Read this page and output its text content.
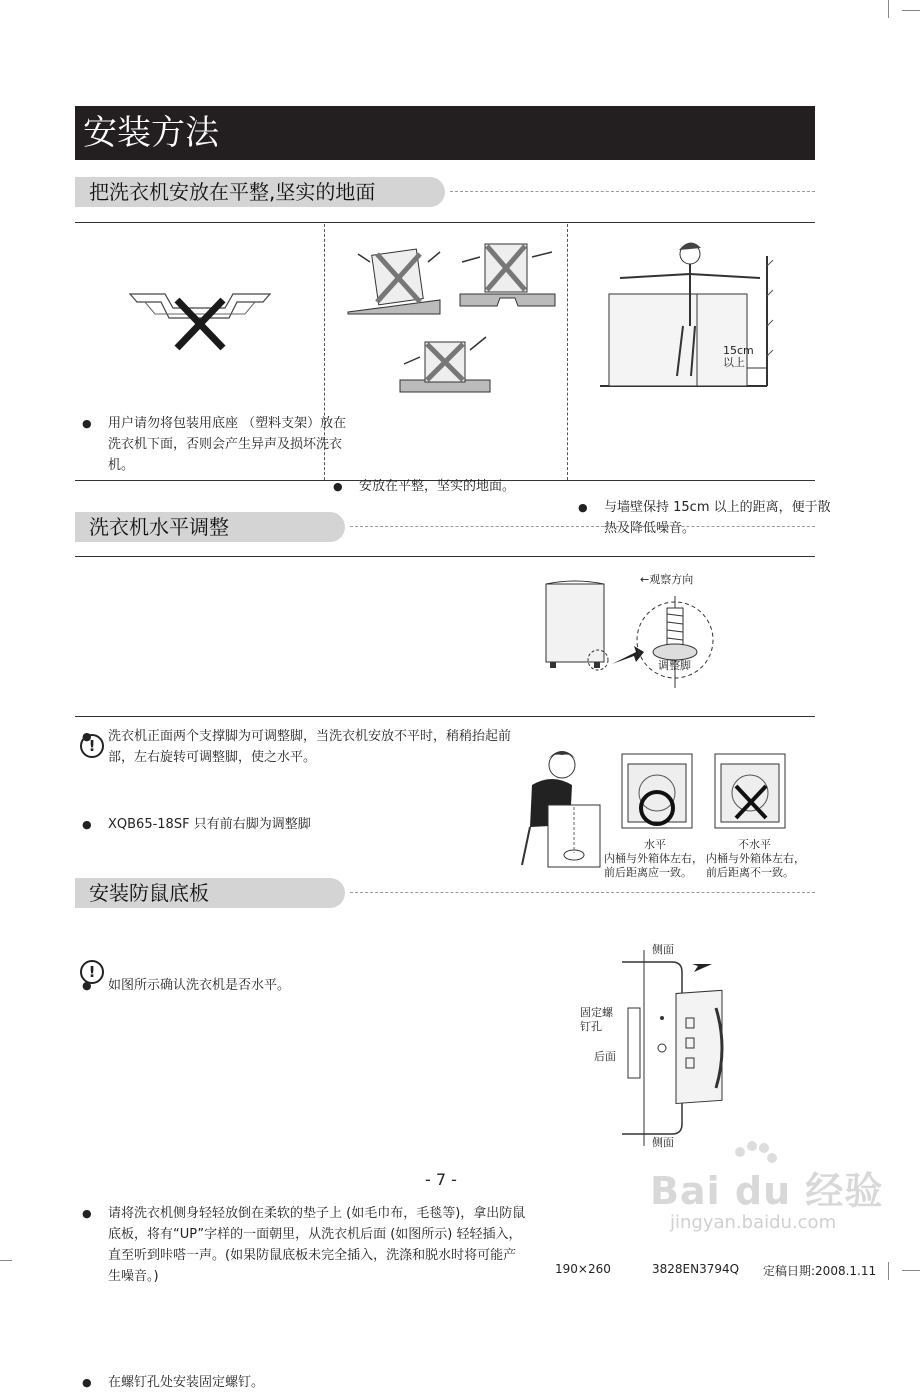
安装方法
把洗衣机安放在平整,坚实的地面
● 用户请勿将包装用底座 （塑料支架）放在洗衣机下面，否则会产生异声及损坏洗衣机。
● 安放在平整，坚实的地面。
15cm
以上
● 与墙壁保持 15cm 以上的距离，便于散热及降低噪音。
洗衣机水平调整
● 洗衣机正面两个支撑脚为可调整脚，当洗衣机安放不平时，稍稍抬起前部，左右旋转可调整脚，使之水平。
● XQB65-18SF 只有前右脚为调整脚
←观察方向
调整脚
!
● 如图所示确认洗衣机是否水平。
水平
内桶与外箱体左右，
前后距离应一致。
不水平
内桶与外箱体左右，
前后距离不一致。
安装防鼠底板
!
● 请将洗衣机侧身轻轻放倒在柔软的垫子上 (如毛巾布，毛毯等)，拿出防鼠底板，将有“UP”字样的一面朝里，从洗衣机后面 (如图所示) 轻轻插入，直至听到咔嗒一声。(如果防鼠底板未完全插入，洗涤和脱水时将可能产生噪音。)
● 在螺钉孔处安装固定螺钉。
侧面
固定螺
钉孔
后面
侧面
- 7 -	Bai du 经验
jingyan.baidu.com
190×260	3828EN3794Q 定稿日期:2008.1.11
